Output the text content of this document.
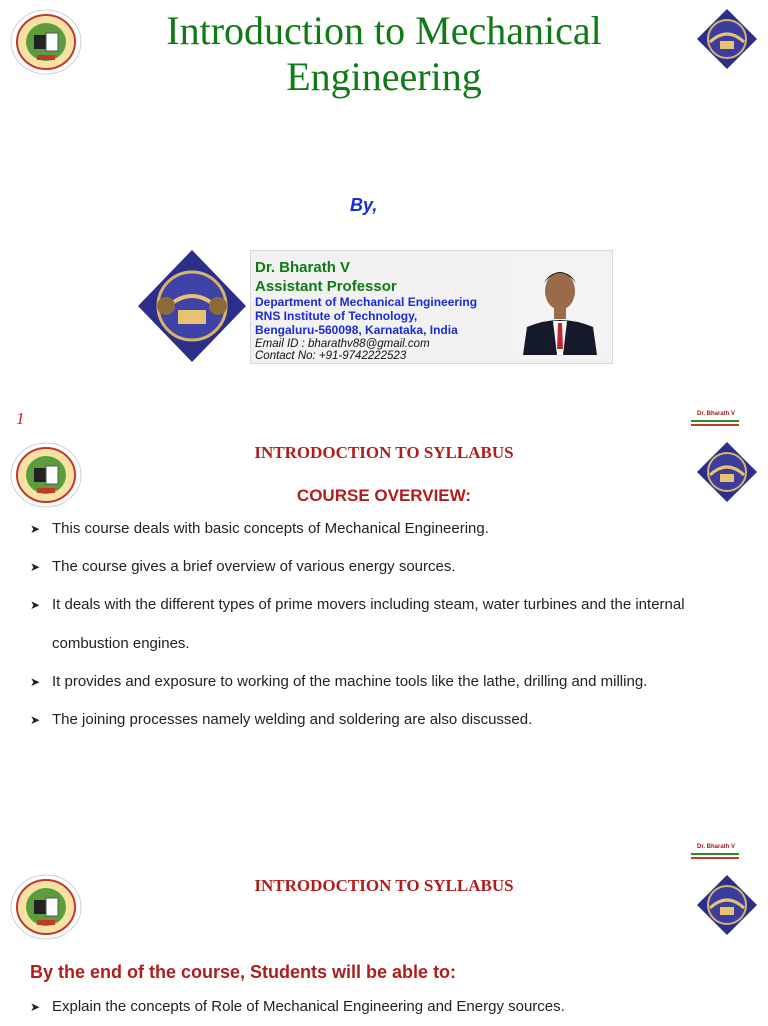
Introduction to Mechanical Engineering
By,
Dr. Bharath V
Assistant Professor
Department of Mechanical Engineering
RNS Institute of Technology,
Bengaluru-560098, Karnataka, India
Email ID : bharathv88@gmail.com
Contact No: +91-9742222523
1	Dr. Bharath V
INTRODOCTION TO SYLLABUS
COURSE OVERVIEW:
➤ This course deals with basic concepts of Mechanical Engineering.
➤ The course gives a brief overview of various energy sources.
➤ It deals with the different types of prime movers including steam, water turbines and the internal
combustion engines.
➤ It provides and exposure to working of the machine tools like the lathe, drilling and milling.
➤ The joining processes namely welding and soldering are also discussed.
Dr. Bharath V
INTRODOCTION TO SYLLABUS
By the end of the course, Students will be able to:
➤ Explain the concepts of Role of Mechanical Engineering and Energy sources.
